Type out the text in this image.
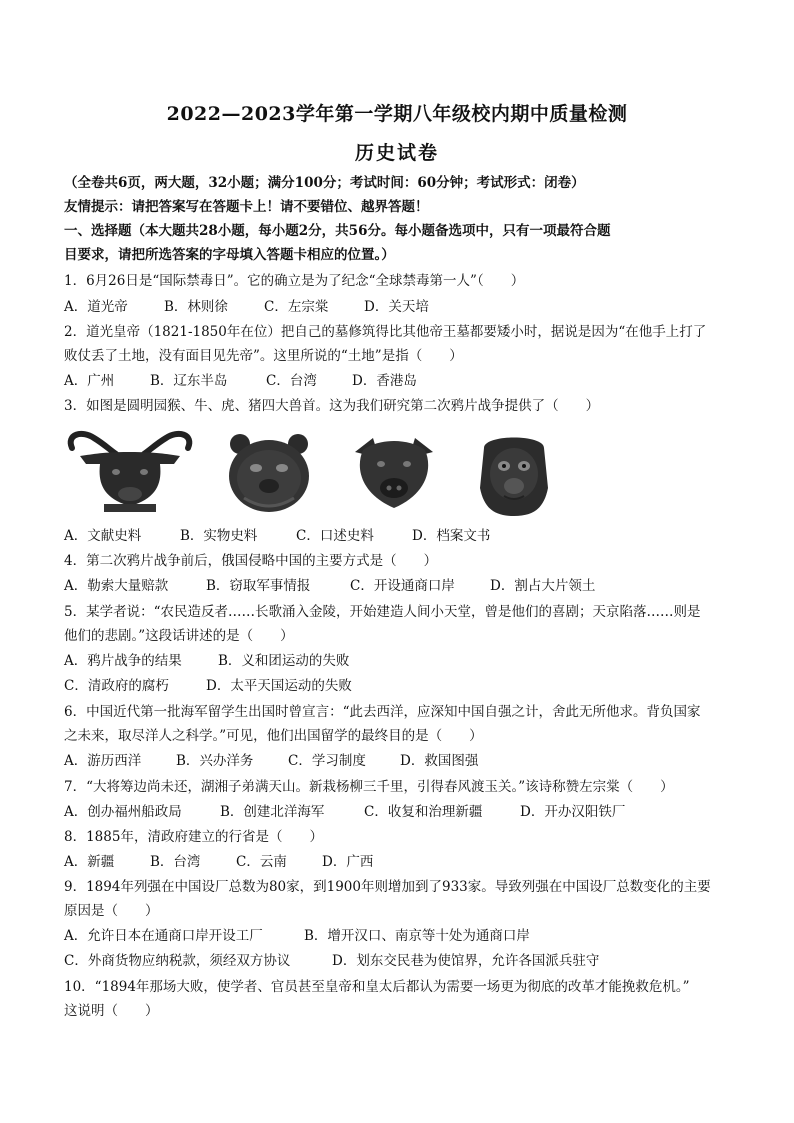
2022—2023学年第一学期八年级校内期中质量检测
历史试卷
（全卷共6页，两大题，32小题；满分100分；考试时间：60分钟；考试形式：闭卷）
友情提示：请把答案写在答题卡上！请不要错位、越界答题！
一、选择题（本大题共28小题，每小题2分，共56分。每小题备选项中，只有一项最符合题
目要求，请把所选答案的字母填入答题卡相应的位置。）
1．6月26日是“国际禁毒日”。它的确立是为了纪念“全球禁毒第一人”（　　）
A．道光帝	B．林则徐	C．左宗棠	D．关天培
2．道光皇帝（1821-1850年在位）把自己的墓修筑得比其他帝王墓都要矮小时，据说是因为“在他手上打了
败仗丢了土地，没有面目见先帝”。这里所说的“土地”是指（　　）
A．广州	B．辽东半岛	C．台湾	D．香港岛
3．如图是圆明园猴、牛、虎、猪四大兽首。这为我们研究第二次鸦片战争提供了（　　）
A．文献史料	B．实物史料	C．口述史料	D．档案文书
4．第二次鸦片战争前后，俄国侵略中国的主要方式是（　　）
A．勒索大量赔款	B．窃取军事情报	C．开设通商口岸	D．割占大片领土
5．某学者说：“农民造反者……长歌涌入金陵，开始建造人间小天堂，曾是他们的喜剧；天京陷落……则是
他们的悲剧。”这段话讲述的是（　　）
A．鸦片战争的结果	B．义和团运动的失败
C．清政府的腐朽	D．太平天国运动的失败
6．中国近代第一批海军留学生出国时曾宣言：“此去西洋，应深知中国自强之计，舍此无所他求。背负国家
之未来，取尽洋人之科学。”可见，他们出国留学的最终目的是（　　）
A．游历西洋	B．兴办洋务	C．学习制度	D．救国图强
7．“大将筹边尚未还，湖湘子弟满天山。新栽杨柳三千里，引得春风渡玉关。”该诗称赞左宗棠（　　）
A．创办福州船政局	B．创建北洋海军	C．收复和治理新疆	D．开办汉阳铁厂
8．1885年，清政府建立的行省是（　　）
A．新疆	B．台湾	C．云南	D．广西
9．1894年列强在中国设厂总数为80家，到1900年则增加到了933家。导致列强在中国设厂总数变化的主要
原因是（　　）
A．允许日本在通商口岸开设工厂	B．增开汉口、南京等十处为通商口岸
C．外商货物应纳税款，须经双方协议	D．划东交民巷为使馆界，允许各国派兵驻守
10．“1894年那场大败，使学者、官员甚至皇帝和皇太后都认为需要一场更为彻底的改革才能挽救危机。”
这说明（　　）
